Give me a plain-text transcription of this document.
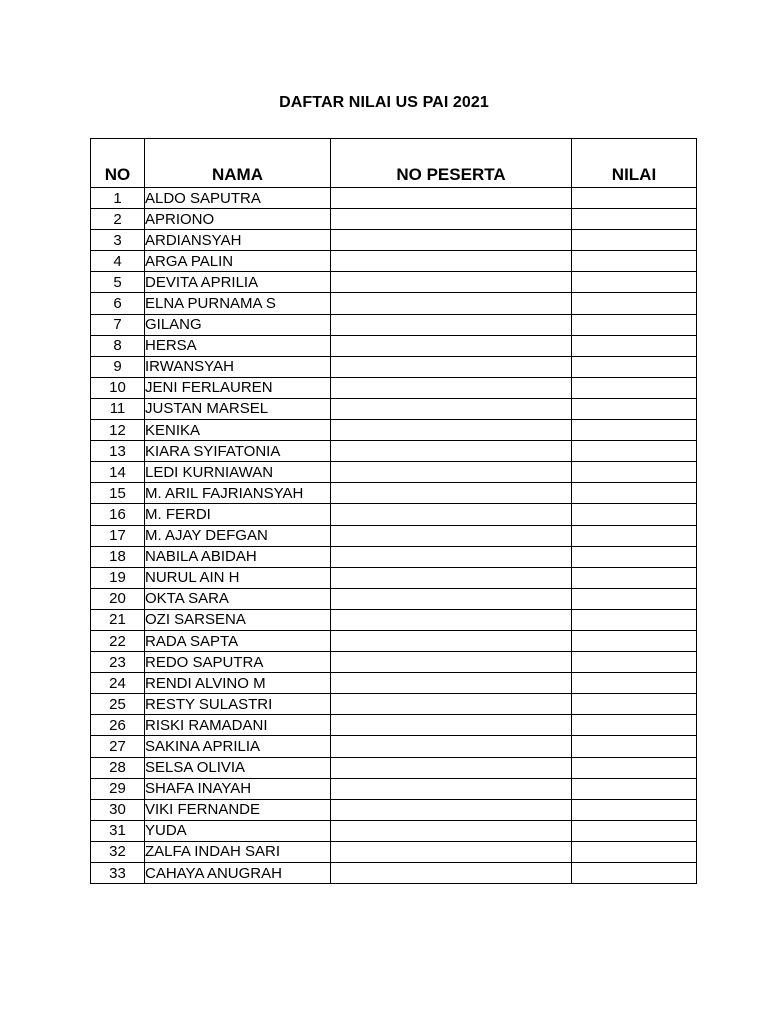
DAFTAR NILAI US PAI 2021
NO	NAMA	NO PESERTA	NILAI
1	ALDO SAPUTRA		
2	APRIONO		
3	ARDIANSYAH		
4	ARGA PALIN		
5	DEVITA APRILIA		
6	ELNA PURNAMA S		
7	GILANG		
8	HERSA		
9	IRWANSYAH		
10	JENI FERLAUREN		
11	JUSTAN MARSEL		
12	KENIKA		
13	KIARA SYIFATONIA		
14	LEDI KURNIAWAN		
15	M. ARIL FAJRIANSYAH		
16	M. FERDI		
17	M. AJAY DEFGAN		
18	NABILA ABIDAH		
19	NURUL AIN H		
20	OKTA SARA		
21	OZI SARSENA		
22	RADA SAPTA		
23	REDO SAPUTRA		
24	RENDI ALVINO M		
25	RESTY SULASTRI		
26	RISKI RAMADANI		
27	SAKINA APRILIA		
28	SELSA OLIVIA		
29	SHAFA INAYAH		
30	VIKI FERNANDE		
31	YUDA		
32	ZALFA INDAH SARI		
33	CAHAYA ANUGRAH		
